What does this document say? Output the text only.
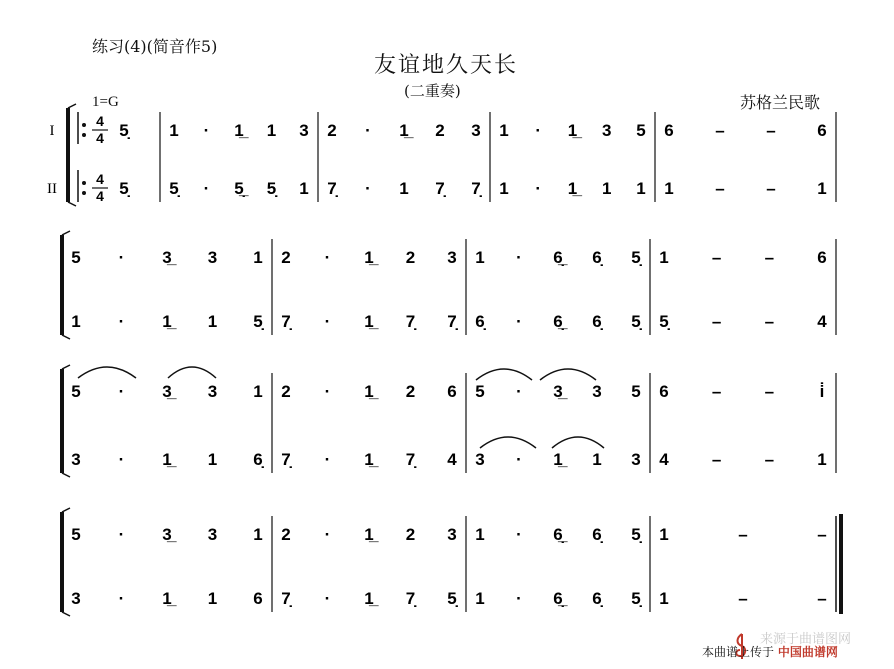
练习(4)(简音作5)
友谊地久天长
(二重奏)
苏格兰民歌
1=G
I
II
4
4
4
4
5̣
5̣
1 · 1̲ 1 3 2 · 1̲ 2 3 1 · 1̲ 3 5 6 – – 6
5̣ · 5̲̣ 5̣ 1 7̣ · 1 7̣ 7̣ 1 · 1̲ 1 1 1 – – 1
5 · 3̲ 3 1 2 · 1̲ 2 3 1 · 6̲̣ 6̣ 5̣ 1	–	–	6
1 · 1̲ 1 5̣ 7̣ · 1̲ 7̣ 7̣ 6̣ · 6̲̣ 6̣ 5̣ 5̣	–	–	4
5 · 3̲ 3 1 2 · 1̲ 2 6 5 · 3̲ 3 5 6	–	–	i̇
3 · 1̲ 1 6̣ 7̣ · 1̲ 7̣ 4 3 · 1̲ 1 3 4	–	–	1
5 · 3̲ 3 1 2 · 1̲ 2 3 1 · 6̲̣ 6̣ 5̣ 1	–	–
3 · 1̲ 1 6 7̣ · 1̲ 7̣ 5̣ 1 · 6̲̣ 6̣ 5̣ 1	–	–
来源于曲谱图网
本曲谱上传于 中国曲谱网
